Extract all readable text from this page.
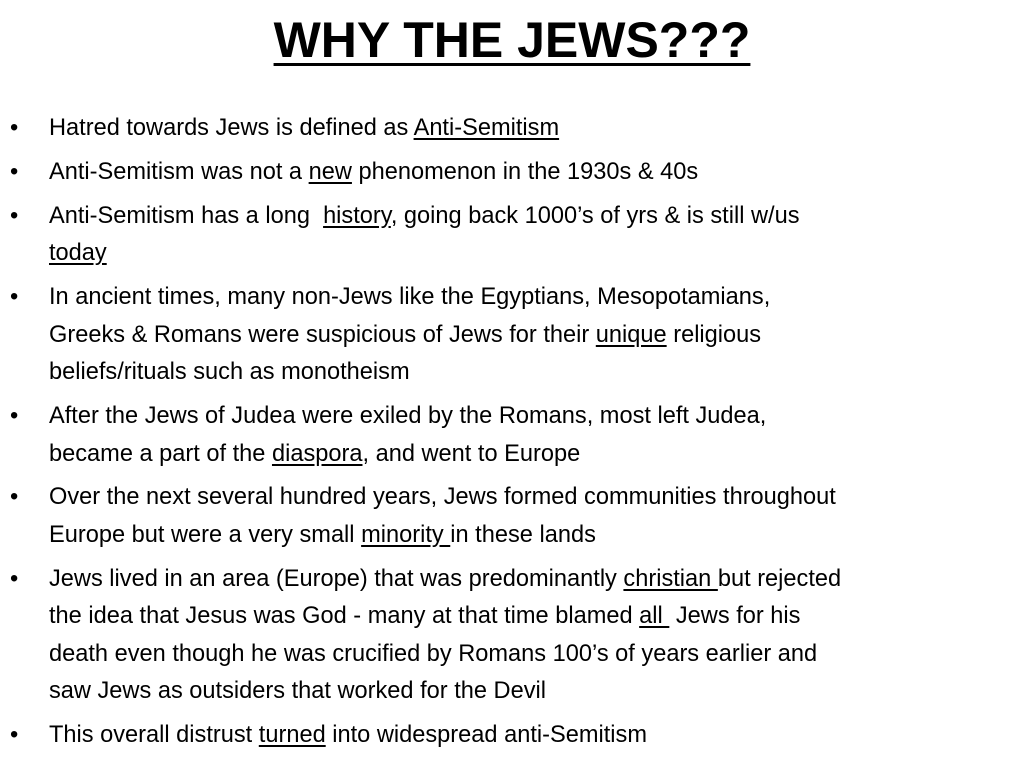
WHY THE JEWS???
• Hatred towards Jews is defined as Anti-Semitism
• Anti-Semitism was not a new phenomenon in the 1930s & 40s
• Anti-Semitism has a long  history, going back 1000’s of yrs & is still w/us
today
• In ancient times, many non-Jews like the Egyptians, Mesopotamians,
Greeks & Romans were suspicious of Jews for their unique religious
beliefs/rituals such as monotheism
• After the Jews of Judea were exiled by the Romans, most left Judea,
became a part of the diaspora, and went to Europe
• Over the next several hundred years, Jews formed communities throughout
Europe but were a very small minority in these lands
• Jews lived in an area (Europe) that was predominantly christian but rejected
the idea that Jesus was God - many at that time blamed all  Jews for his
death even though he was crucified by Romans 100’s of years earlier and
saw Jews as outsiders that worked for the Devil
• This overall distrust turned into widespread anti-Semitism
